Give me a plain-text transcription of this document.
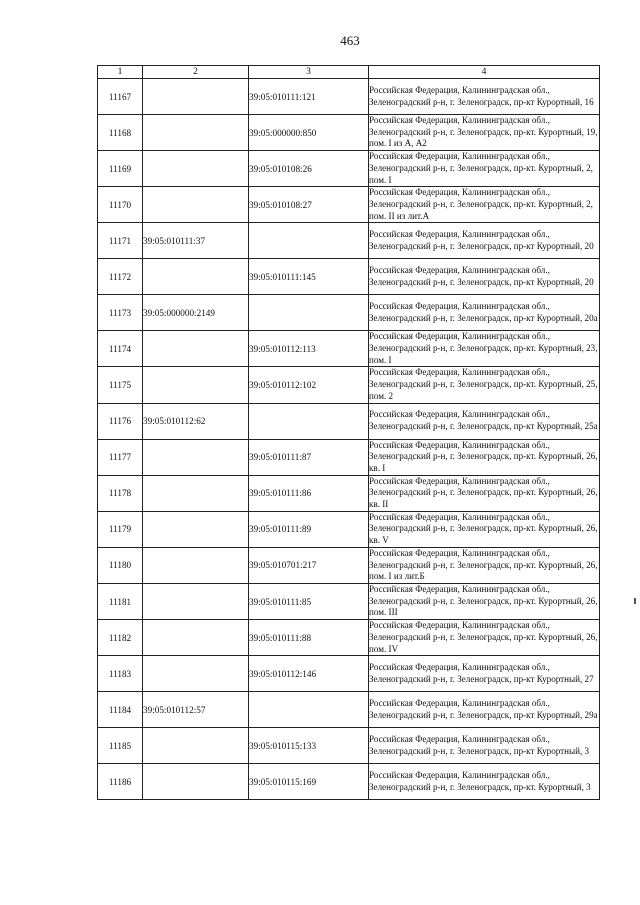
463
1	2	3	4
11167		39:05:010111:121	Российская Федерация, Калининградская обл., Зеленоградский р-н, г. Зеленоградск, пр-кт Курортный, 16
11168		39:05:000000:850	Российская Федерация, Калининградская обл., Зеленоградский р-н, г. Зеленоградск, пр-кт. Курортный, 19, пом. I из А, А2
11169		39:05:010108:26	Российская Федерация, Калининградская обл., Зеленоградский р-н, г. Зеленоградск, пр-кт. Курортный, 2, пом. I
11170		39:05:010108:27	Российская Федерация, Калининградская обл., Зеленоградский р-н, г. Зеленоградск, пр-кт. Курортный, 2, пом. II из лит.А
11171	39:05:010111:37		Российская Федерация, Калининградская обл., Зеленоградский р-н, г. Зеленоградск, пр-кт Курортный, 20
11172		39:05:010111:145	Российская Федерация, Калининградская обл., Зеленоградский р-н, г. Зеленоградск, пр-кт Курортный, 20
11173	39:05:000000:2149		Российская Федерация, Калининградская обл., Зеленоградский р-н, г. Зеленоградск, пр-кт Курортный, 20а
11174		39:05:010112:113	Российская Федерация, Калининградская обл., Зеленоградский р-н, г. Зеленоградск, пр-кт. Курортный, 23, пом. I
11175		39:05:010112:102	Российская Федерация, Калининградская обл., Зеленоградский р-н, г. Зеленоградск, пр-кт. Курортный, 25, пом. 2
11176	39:05:010112:62		Российская Федерация, Калининградская обл., Зеленоградский р-н, г. Зеленоградск, пр-кт Курортный, 25а
11177		39:05:010111:87	Российская Федерация, Калининградская обл., Зеленоградский р-н, г. Зеленоградск, пр-кт. Курортный, 26, кв. I
11178		39:05:010111:86	Российская Федерация, Калининградская обл., Зеленоградский р-н, г. Зеленоградск, пр-кт. Курортный, 26, кв. II
11179		39:05:010111:89	Российская Федерация, Калининградская обл., Зеленоградский р-н, г. Зеленоградск, пр-кт. Курортный, 26, кв. V
11180		39:05:010701:217	Российская Федерация, Калининградская обл., Зеленоградский р-н, г. Зеленоградск, пр-кт. Курортный, 26, пом. I из лит.Б
11181		39:05:010111:85	Российская Федерация, Калининградская обл., Зеленоградский р-н, г. Зеленоградск, пр-кт. Курортный, 26, пом. III
11182		39:05:010111:88	Российская Федерация, Калининградская обл., Зеленоградский р-н, г. Зеленоградск, пр-кт. Курортный, 26, пом. IV
11183		39:05:010112:146	Российская Федерация, Калининградская обл., Зеленоградский р-н, г. Зеленоградск, пр-кт Курортный, 27
11184	39:05:010112:57		Российская Федерация, Калининградская обл., Зеленоградский р-н, г. Зеленоградск, пр-кт Курортный, 29а
11185		39:05:010115:133	Российская Федерация, Калининградская обл., Зеленоградский р-н, г. Зеленоградск, пр-кт Курортный, 3
11186		39:05:010115:169	Российская Федерация, Калининградская обл., Зеленоградский р-н, г. Зеленоградск, пр-кт. Курортный, 3
